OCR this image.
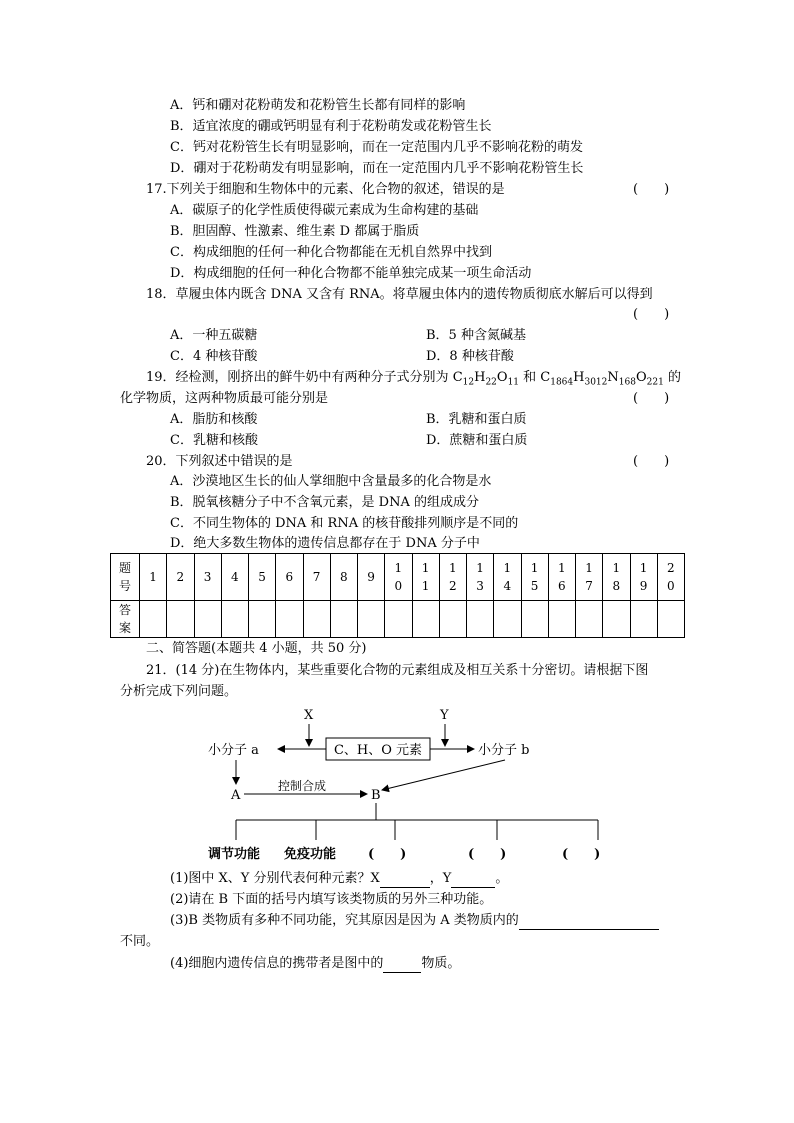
A．钙和硼对花粉萌发和花粉管生长都有同样的影响
B．适宜浓度的硼或钙明显有利于花粉萌发或花粉管生长
C．钙对花粉管生长有明显影响，而在一定范围内几乎不影响花粉的萌发
D．硼对于花粉萌发有明显影响，而在一定范围内几乎不影响花粉管生长
17.下列关于细胞和生物体中的元素、化合物的叙述，错误的是	(　　)
A．碳原子的化学性质使得碳元素成为生命构建的基础
B．胆固醇、性激素、维生素 D 都属于脂质
C．构成细胞的任何一种化合物都能在无机自然界中找到
D．构成细胞的任何一种化合物都不能单独完成某一项生命活动
18．草履虫体内既含 DNA 又含有 RNA。将草履虫体内的遗传物质彻底水解后可以得到
(　　)
A．一种五碳糖	B．5 种含氮碱基
C．4 种核苷酸	D．8 种核苷酸
19．经检测，刚挤出的鲜牛奶中有两种分子式分别为 $C_{12}H_{22}O_{11}$ 和 $C_{1864}H_{3012}N_{168}O_{221}$ 的
化学物质，这两种物质最可能分别是	(　　)
A．脂肪和核酸	B．乳糖和蛋白质
C．乳糖和核酸	D．蔗糖和蛋白质
20．下列叙述中错误的是	(　　)
A．沙漠地区生长的仙人掌细胞中含量最多的化合物是水
B．脱氧核糖分子中不含氧元素，是 DNA 的组成成分
C．不同生物体的 DNA 和 RNA 的核苷酸排列顺序是不同的
D．绝大多数生物体的遗传信息都存在于 DNA 分子中
题号	1	2	3	4	5	6	7	8	9	10	11	12	13	14	15	16	17	18	19	20
答案																				
二、简答题(本题共 4 小题，共 50 分)
21．(14 分)在生物体内，某些重要化合物的元素组成及相互关系十分密切。请根据下图
分析完成下列问题。
X	Y
C、H、O 元素
小分子 a	小分子 b
A	B
控制合成
调节功能 免疫功能 (　　)	(　　)	(　　)
(1)图中 X、Y 分别代表何种元素？X	，Y	。
(2)请在 B 下面的括号内填写该类物质的另外三种功能。
(3)B 类物质有多种不同功能，究其原因是因为 A 类物质内的
不同。
(4)细胞内遗传信息的携带者是图中的	物质。
